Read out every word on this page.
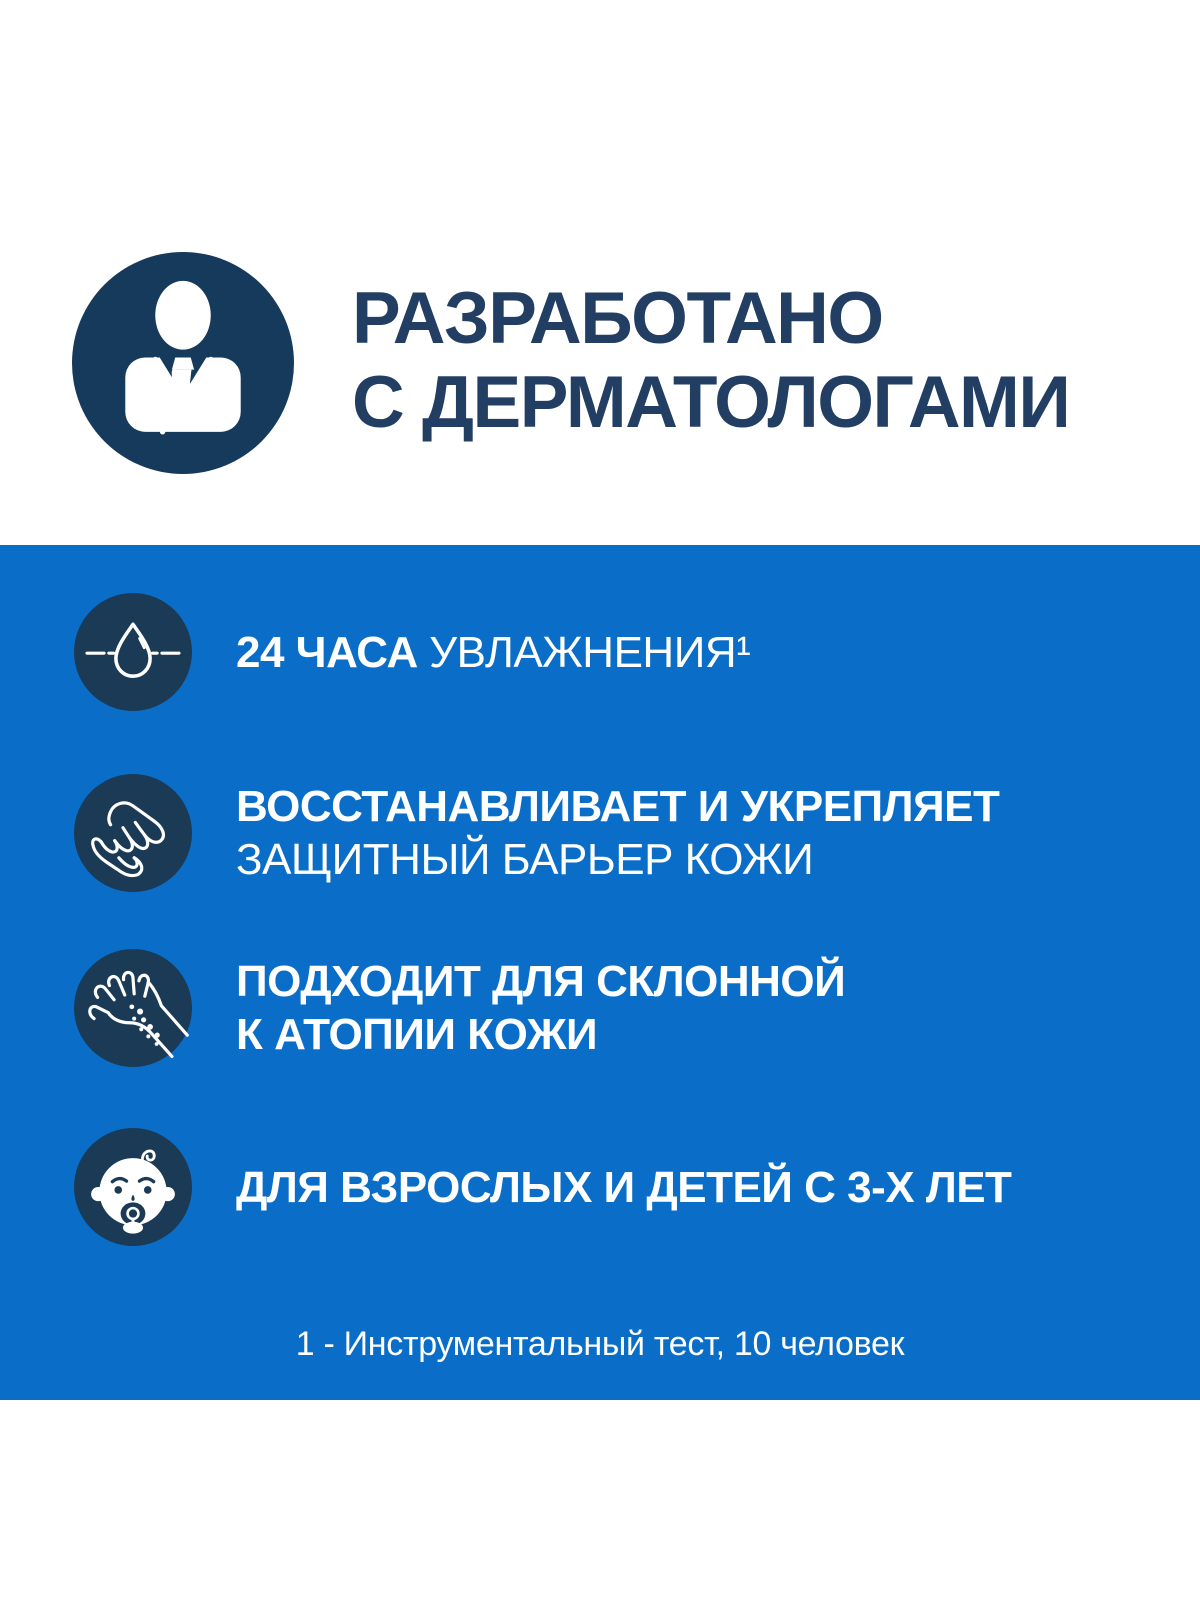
РАЗРАБОТАНО
С ДЕРМАТОЛОГАМИ
24 ЧАСА УВЛАЖНЕНИЯ¹
ВОССТАНАВЛИВАЕТ И УКРЕПЛЯЕТ
ЗАЩИТНЫЙ БАРЬЕР КОЖИ
ПОДХОДИТ ДЛЯ СКЛОННОЙ
К АТОПИИ КОЖИ
ДЛЯ ВЗРОСЛЫХ И ДЕТЕЙ С 3-Х ЛЕТ

1 - Инструментальный тест, 10 человек
